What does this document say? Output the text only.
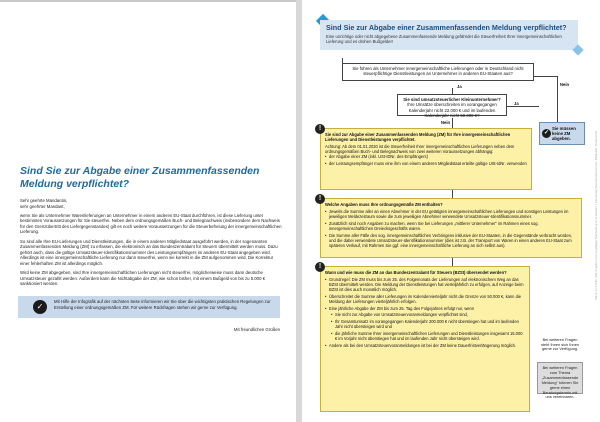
Sind Sie zur Abgabe einer Zusammenfassenden Meldung verpflichtet?

Sehr geehrte Mandantin,
sehr geehrter Mandant,

wenn Sie als Unternehmer Warenlieferungen an Unternehmer in einem anderen EU-Staat durchführen, ist diese Lieferung unter bestimmten Voraussetzungen für Sie steuerfrei. Neben dem ordnungsgemäßen Buch- und Belegnachweis (insbesondere dem Nachweis für den Grenzübertritt des Liefergegenstandes) gilt es noch weitere Voraussetzungen für die Steuerbefreiung der innergemeinschaftlichen Lieferung.

So sind alle Ihre EU-Lieferungen und Dienstleistungen, die in einem anderen Mitgliedstaat ausgeführt werden, in der sogenannten Zusammenfassenden Meldung (ZM) zu erfassen, die elektronisch an das Bundeszentralamt für Steuern übermittelt werden muss. Dazu gehört auch, dass die gültige Umsatzsteuer-Identifikationsnummer des Leistungsempfängers im anderen EU-Staat angegeben wird. Allerdings ist eine innergemeinschaftliche Lieferung nur dann steuerfrei, wenn sie korrekt in die ZM aufgenommen wird. Die Korrektur einer fehlerhaften ZM ist allerdings möglich.

Wird keine ZM abgegeben, sind Ihre innergemeinschaftlichen Lieferungen nicht steuerfrei, möglicherweise muss dann deutsche Umsatzsteuer gezahlt werden. Außerdem kann die Nichtabgabe der ZM, wie schon bisher, mit einem Bußgeld von bis zu 5.000 € sanktioniert werden.

✓
Mit Hilfe der Infografik auf der nächsten Seite informieren wir Sie über die wichtigsten praktischen Regelungen zur Erstellung einer ordnungsgemäßen ZM. Für weitere Rückfragen stehen wir gerne zur Verfügung.
Mit freundlichen Grüßen
Sind Sie zur Abgabe einer Zusammenfassenden Meldung verpflichtet?
Eine unrichtige oder nicht abgegebene Zusammenfassende Meldung gefährdet die Steuerfreiheit Ihrer innergemeinschaftlichen Lieferung und es drohen Bußgelder!
Sie führen als Unternehmer innergemeinschaftliche Lieferungen oder in Deutschland nicht steuerpflichtige Dienstleistungen an Unternehmer in anderen EU-Staaten aus?
Ja	Nein
Sie sind umsatzsteuerlicher Kleinunternehmer?
Ihre Umsätze überschreiten im vorangegangen Kalenderjahr nicht 22.000 € und im laufenden Kalenderjahr nicht 50.000 €?
Nein
Ja
✓
Sie müssen keine ZM abgeben.
Sie sind zur Abgabe einer Zusammenfassenden Meldung (ZM) für Ihre innergemeinschaftlichen Lieferungen und Dienstleistungen verpflichtet.
Achtung: Ab dem 01.01.2020 ist die Steuerfreiheit Ihrer innergemeinschaftlichen Lieferungen neben dem ordnungsgemäßen Buch- und Belegnachweis von zwei weiteren Voraussetzungen abhängig:
• der Abgabe einer ZM (inkl. USt-IDNr. des Empfängers)
• der Leistungsempfänger muss eine ihm von einem anderen Mitgliedstaat erteilte gültige USt-IdNr. verwenden
!
Welche Angaben muss Ihre ordnungsgemäße ZM enthalten?
• Jeweils die Summe aller an einen Abnehmer in der EU getätigten innergemeinschaftlichen Lieferungen und sonstigen Leistungen im jeweiligen Meldezeitraum sowie die zum jeweiligen Abnehmer verwendete Umsatzsteuer-Identifikationsnummer.
• Zusätzlich sind noch Angaben zu machen, wenn Sie bei Lieferungen „mittlerer Unternehmer" im Rahmen eines sog. innergemeinschaftlichen Dreiecksgeschäfts waren.
• Die Summe aller Fälle des sog. innergemeinschaftlichen Verbringens inklusive der EU-Staaten, in die Gegenstände verbracht worden, und die dabei verwendete Umsatzsteuer-Identifikationsnummer (dies ist z.B. der Transport von Waren in einen anderen EU-Staat zum späteren Verkauf, mit Rahmen Sie ggf. eine innergemeinschaftliche Lieferung an sich selbst aus).
!
Wann und wie muss die ZM an das Bundeszentralamt für Steuern (BZSt) übersendet werden?
• Grundregel: Die ZM muss bis zum 25. des Folgemonats der Lieferungen auf elektronischem Weg an das BZSt übermittelt werden. Die Meldung der Dienstleistungen hat vierteljährlich zu erfolgen, auf Anzeige beim BZSt ist dies auch monatlich möglich.
• Überschreitet die Summe aller Lieferungen im Kalendervierteljahr nicht die Grenze von 50.000 €, kann die Meldung der Lieferungen vierteljährlich erfolgen.
• Eine jährliche Abgabe der ZM bis zum 25. Tag des Folgejahres erfolgt nur, wenn
• Sie nicht zur Abgabe von Umsatzsteuervoranmeldungen verpflichtet sind,
• Ihr Gesamtumsatz im vorangegangen Kalenderjahr 200.000 € nicht überstiegen hat und im laufenden Jahr nicht übersteigen wird und
• die jährliche Summe Ihrer innergemeinschaftlichen Lieferungen und Dienstleistungen insgesamt 15.000 € im Vorjahr nicht überstiegen hat und im laufenden Jahr nicht übersteigen wird.
• Andere als bei den Umsatzsteuervoranmeldungen ist bei der ZM keine Dauerfristverlängerung möglich.
!
Bei weiteren Fragen steht Ihnen sich Ihnen gerne zur Verfügung.
Bei weiteren Fragen zum Thema „Zusammenfassende Meldung" können Sie gerne einen Beratungstermin mit uns vereinbaren.
Stand: Juni 2020 | Alle Angaben trotz sorgfältiger Bearbeitung ohne Gewähr. | Fachverlag Steuerberaterkammer. Bildquelle: Shutterstock
